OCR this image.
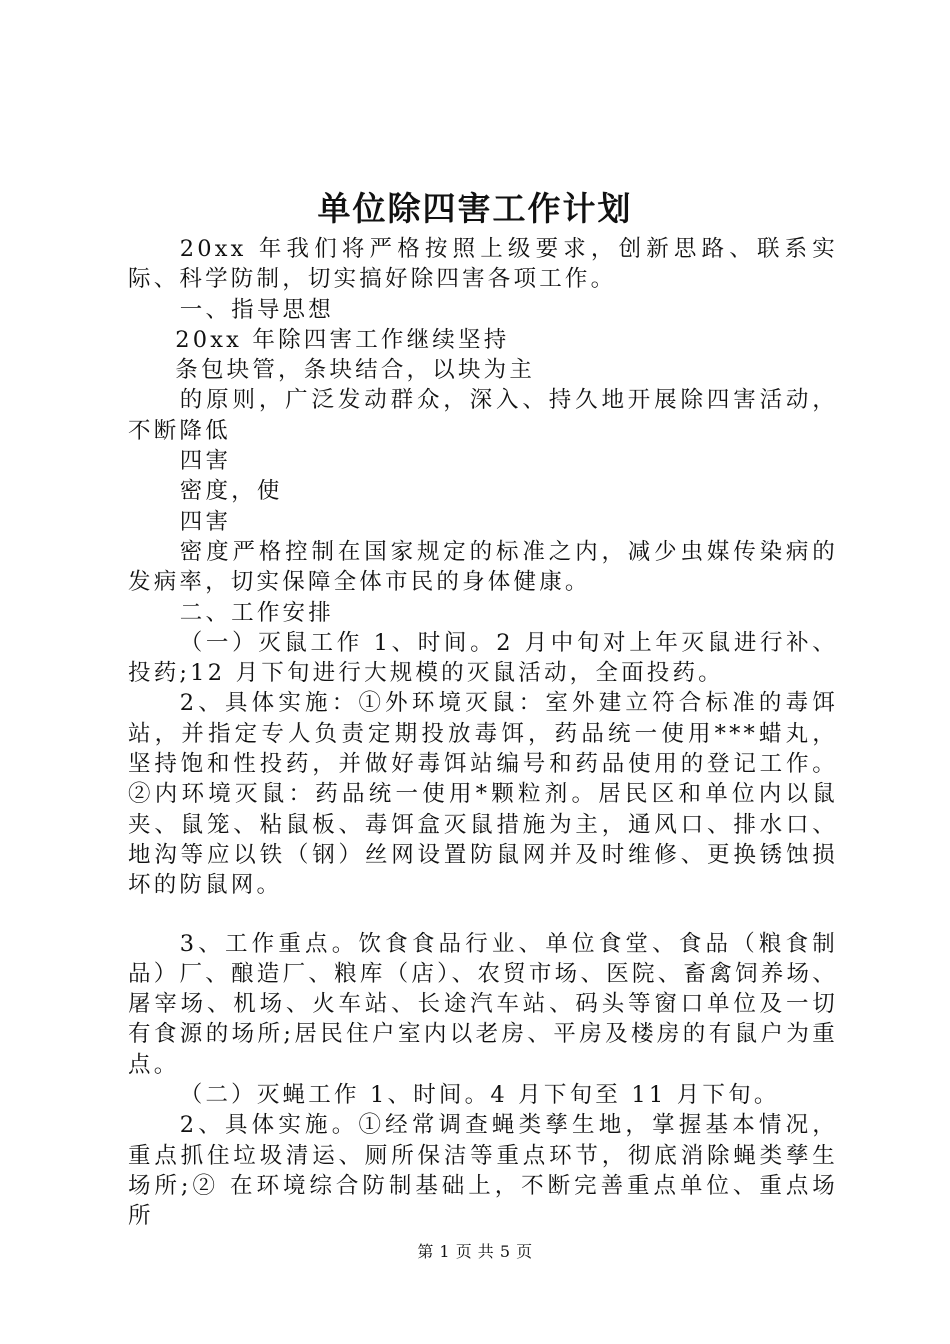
单位除四害工作计划

20xx 年我们将严格按照上级要求，创新思路、联系实际、科学防制，切实搞好除四害各项工作。

一、指导思想

20xx 年除四害工作继续坚持

条包块管，条块结合，以块为主

的原则，广泛发动群众，深入、持久地开展除四害活动，不断降低

四害

密度，使

四害

密度严格控制在国家规定的标准之内，减少虫媒传染病的发病率，切实保障全体市民的身体健康。

二、工作安排

（一）灭鼠工作 1、时间。2 月中旬对上年灭鼠进行补、投药;12 月下旬进行大规模的灭鼠活动，全面投药。

2、具体实施：①外环境灭鼠：室外建立符合标准的毒饵站，并指定专人负责定期投放毒饵，药品统一使用***蜡丸，坚持饱和性投药，并做好毒饵站编号和药品使用的登记工作。②内环境灭鼠：药品统一使用*颗粒剂。居民区和单位内以鼠夹、鼠笼、粘鼠板、毒饵盒灭鼠措施为主，通风口、排水口、地沟等应以铁（钢）丝网设置防鼠网并及时维修、更换锈蚀损坏的防鼠网。

3、工作重点。饮食食品行业、单位食堂、食品（粮食制品）厂、酿造厂、粮库（店）、农贸市场、医院、畜禽饲养场、屠宰场、机场、火车站、长途汽车站、码头等窗口单位及一切有食源的场所;居民住户室内以老房、平房及楼房的有鼠户为重点。

（二）灭蝇工作 1、时间。4 月下旬至 11 月下旬。

2、具体实施。①经常调查蝇类孳生地，掌握基本情况，重点抓住垃圾清运、厕所保洁等重点环节，彻底消除蝇类孳生场所;② 在环境综合防制基础上，不断完善重点单位、重点场所

第 1 页 共 5 页
